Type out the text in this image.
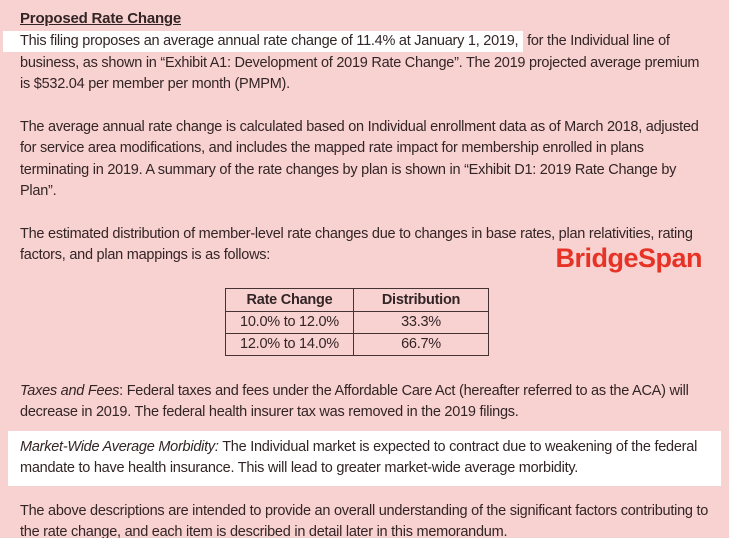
Proposed Rate Change

This filing proposes an average annual rate change of 11.4% at January 1, 2019, for the Individual line of business, as shown in “Exhibit A1: Development of 2019 Rate Change”. The 2019 projected average premium is $532.04 per member per month (PMPM).

The average annual rate change is calculated based on Individual enrollment data as of March 2018, adjusted for service area modifications, and includes the mapped rate impact for membership enrolled in plans terminating in 2019. A summary of the rate changes by plan is shown in “Exhibit D1: 2019 Rate Change by Plan”.

The estimated distribution of member-level rate changes due to changes in base rates, plan relativities, rating factors, and plan mappings is as follows:	BridgeSpan
Rate Change	Distribution
10.0% to 12.0%	33.3%
12.0% to 14.0%	66.7%

Taxes and Fees: Federal taxes and fees under the Affordable Care Act (hereafter referred to as the ACA) will decrease in 2019. The federal health insurer tax was removed in the 2019 filings.

Market-Wide Average Morbidity: The Individual market is expected to contract due to weakening of the federal mandate to have health insurance. This will lead to greater market-wide average morbidity.

The above descriptions are intended to provide an overall understanding of the significant factors contributing to the rate change, and each item is described in detail later in this memorandum.
